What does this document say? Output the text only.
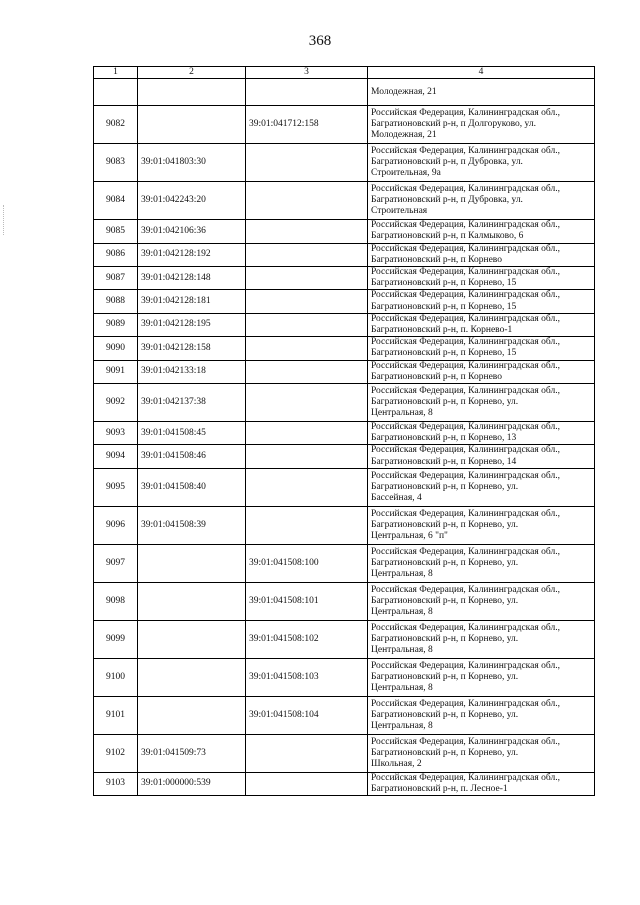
368
1	2	3	4

			Молодежная, 21

9082		39:01:041712:158	Российская Федерация, Калининградская обл.,
Багратионовский р-н, п Долгоруково, ул.
Молодежная, 21

9083	39:01:041803:30		Российская Федерация, Калининградская обл.,
Багратионовский р-н, п Дубровка, ул.
Строительная, 9а

9084	39:01:042243:20		Российская Федерация, Калининградская обл.,
Багратионовский р-н, п Дубровка, ул.
Строительная

9085	39:01:042106:36		Российская Федерация, Калининградская обл.,
Багратионовский р-н, п Калмыково, 6

9086	39:01:042128:192		Российская Федерация, Калининградская обл.,
Багратионовский р-н, п Корнево

9087	39:01:042128:148		Российская Федерация, Калининградская обл.,
Багратионовский р-н, п Корнево, 15

9088	39:01:042128:181		Российская Федерация, Калининградская обл.,
Багратионовский р-н, п Корнево, 15

9089	39:01:042128:195		Российская Федерация, Калининградская обл.,
Багратионовский р-н, п. Корнево-1

9090	39:01:042128:158		Российская Федерация, Калининградская обл.,
Багратионовский р-н, п Корнево, 15

9091	39:01:042133:18		Российская Федерация, Калининградская обл.,
Багратионовский р-н, п Корнево

9092	39:01:042137:38		Российская Федерация, Калининградская обл.,
Багратионовский р-н, п Корнево, ул.
Центральная, 8

9093	39:01:041508:45		Российская Федерация, Калининградская обл.,
Багратионовский р-н, п Корнево, 13

9094	39:01:041508:46		Российская Федерация, Калининградская обл.,
Багратионовский р-н, п Корнево, 14

9095	39:01:041508:40		Российская Федерация, Калининградская обл.,
Багратионовский р-н, п Корнево, ул.
Бассейная, 4

9096	39:01:041508:39		Российская Федерация, Калининградская обл.,
Багратионовский р-н, п Корнево, ул.
Центральная, 6 "п"

9097		39:01:041508:100	Российская Федерация, Калининградская обл.,
Багратионовский р-н, п Корнево, ул.
Центральная, 8

9098		39:01:041508:101	Российская Федерация, Калининградская обл.,
Багратионовский р-н, п Корнево, ул.
Центральная, 8

9099		39:01:041508:102	Российская Федерация, Калининградская обл.,
Багратионовский р-н, п Корнево, ул.
Центральная, 8

9100		39:01:041508:103	Российская Федерация, Калининградская обл.,
Багратионовский р-н, п Корнево, ул.
Центральная, 8

9101		39:01:041508:104	Российская Федерация, Калининградская обл.,
Багратионовский р-н, п Корнево, ул.
Центральная, 8

9102	39:01:041509:73		Российская Федерация, Калининградская обл.,
Багратионовский р-н, п Корнево, ул.
Школьная, 2

9103	39:01:000000:539		Российская Федерация, Калининградская обл.,
Багратионовский р-н, п. Лесное-1
